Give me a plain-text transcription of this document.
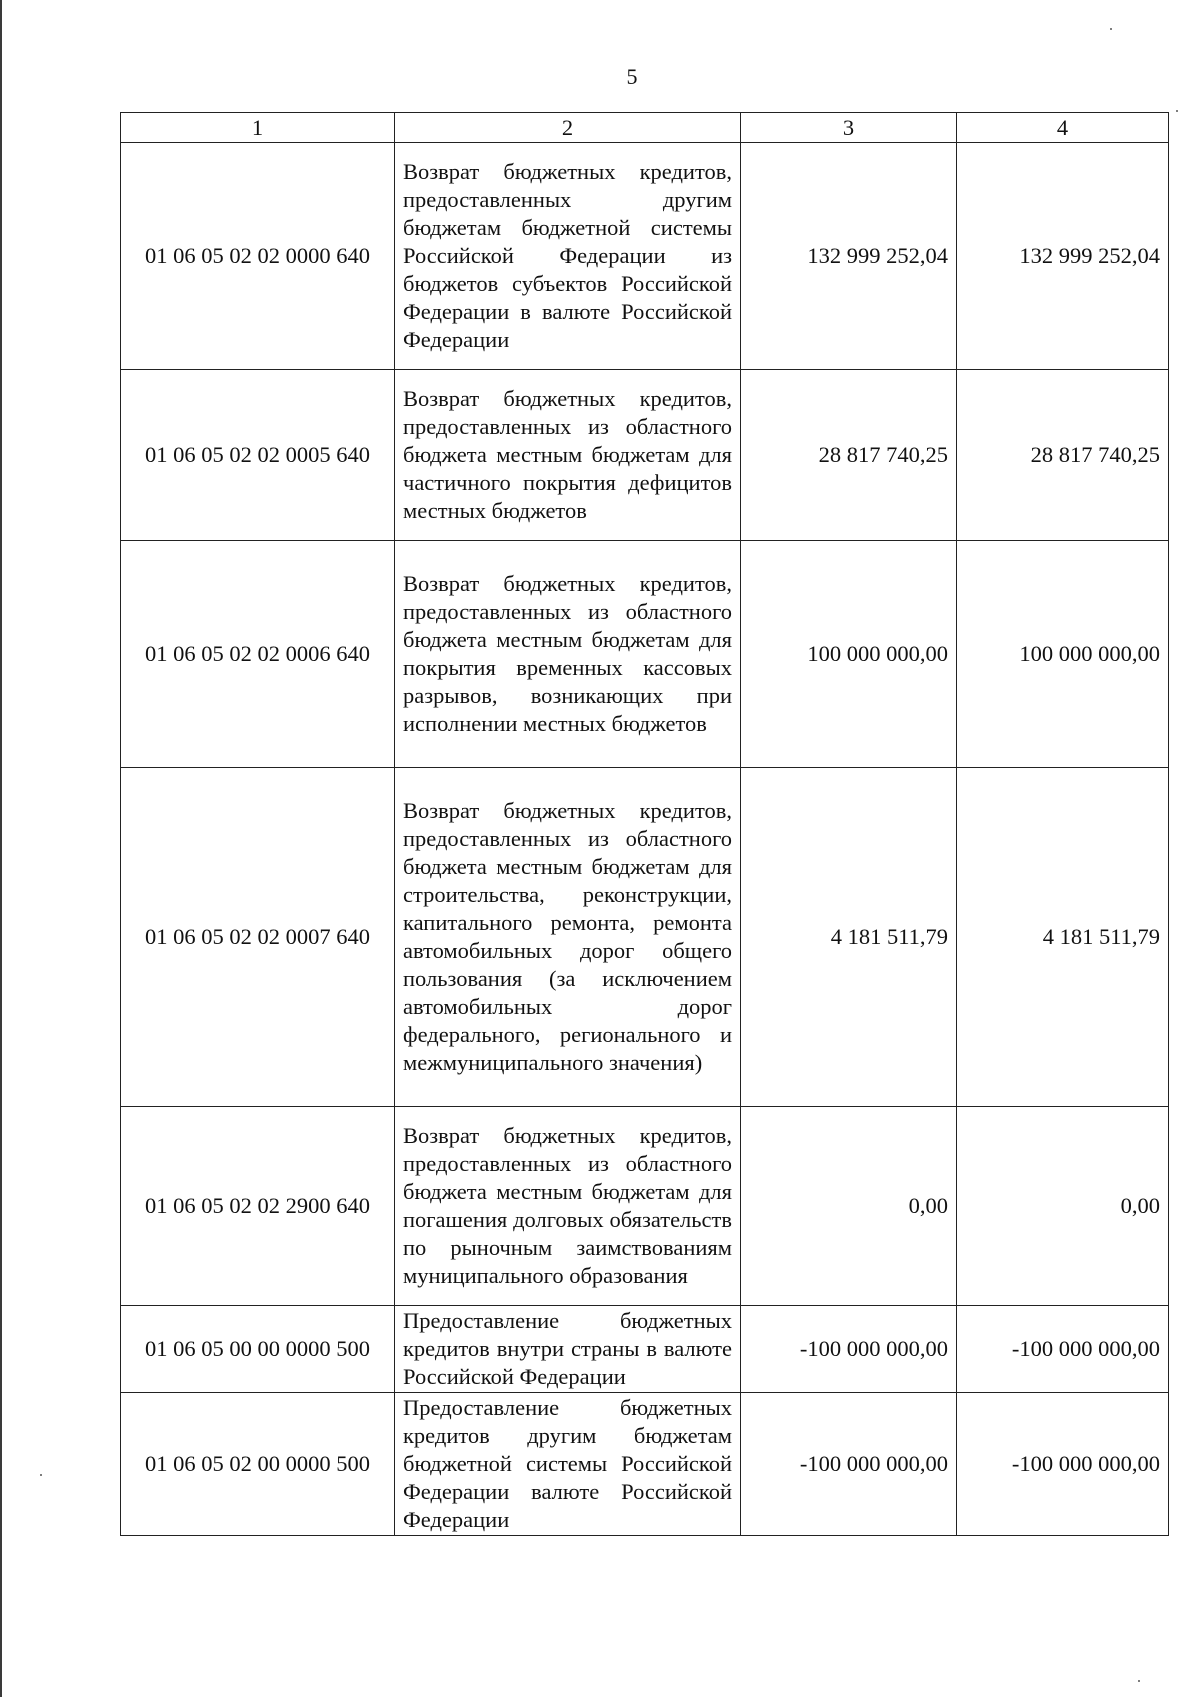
5
1	2	3	4
01 06 05 02 02 0000 640	Возврат бюджетных кредитов, предоставленных другим бюджетам бюджетной системы Российской Федерации из бюджетов субъектов Российской Федерации в валюте Российской Федерации	132 999 252,04	132 999 252,04
01 06 05 02 02 0005 640	Возврат бюджетных кредитов, предоставленных из областного бюджета местным бюджетам для частичного покрытия дефицитов местных бюджетов	28 817 740,25	28 817 740,25
01 06 05 02 02 0006 640	Возврат бюджетных кредитов, предоставленных из областного бюджета местным бюджетам для покрытия временных кассовых разрывов, возникающих при исполнении местных бюджетов	100 000 000,00	100 000 000,00
01 06 05 02 02 0007 640	Возврат бюджетных кредитов, предоставленных из областного бюджета местным бюджетам для строительства, реконструкции, капитального ремонта, ремонта автомобильных дорог общего пользования (за исключением автомобильных дорог федерального, регионального и межмуниципального значения)	4 181 511,79	4 181 511,79
01 06 05 02 02 2900 640	Возврат бюджетных кредитов, предоставленных из областного бюджета местным бюджетам для погашения долговых обязательств по рыночным заимствованиям муниципального образования	0,00	0,00
01 06 05 00 00 0000 500	Предоставление бюджетных кредитов внутри страны в валюте Российской Федерации	-100 000 000,00	-100 000 000,00
01 06 05 02 00 0000 500	Предоставление бюджетных кредитов другим бюджетам бюджетной системы Российской Федерации валюте Российской Федерации	-100 000 000,00	-100 000 000,00
